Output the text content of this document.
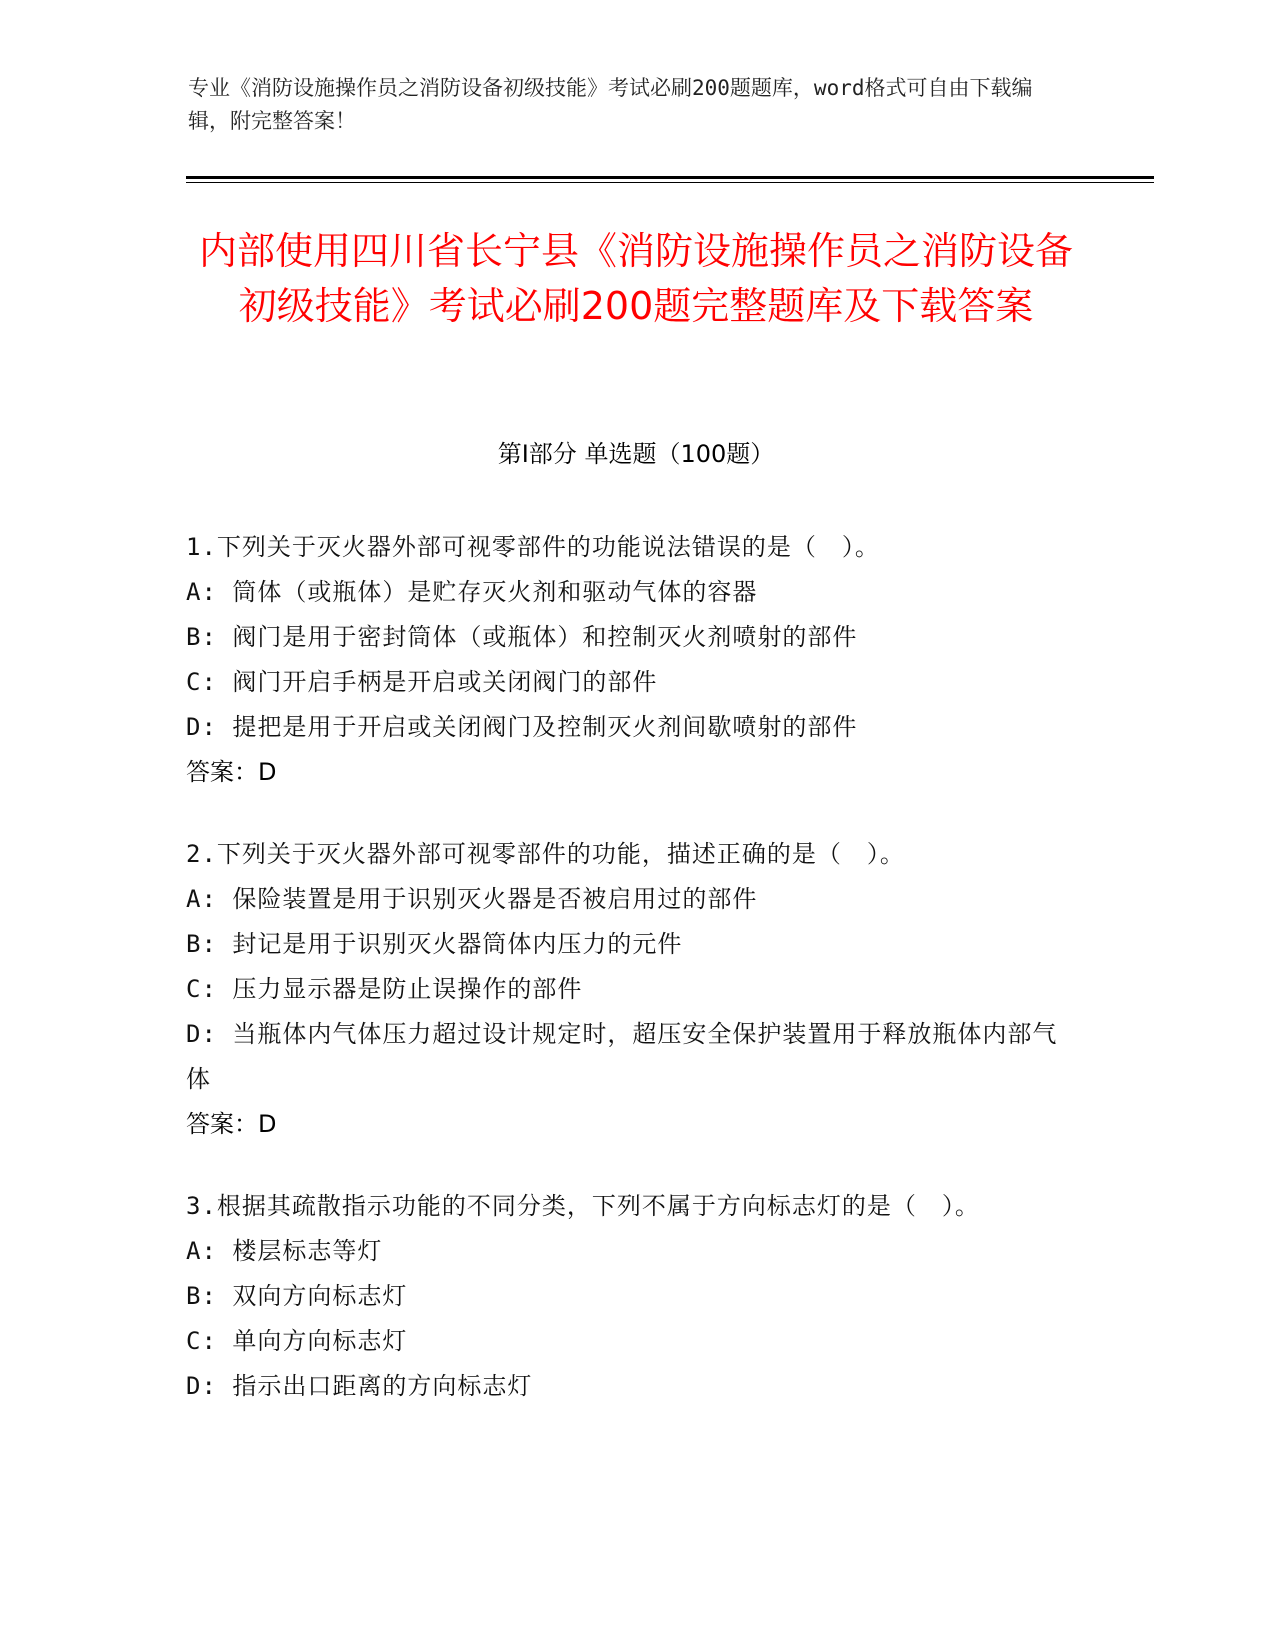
专业《消防设施操作员之消防设备初级技能》考试必刷200题题库，word格式可自由下载编辑，附完整答案！
内部使用四川省长宁县《消防设施操作员之消防设备初级技能》考试必刷200题完整题库及下载答案
第I部分 单选题（100题）

1.下列关于灭火器外部可视零部件的功能说法错误的是（　）。

A: 筒体（或瓶体）是贮存灭火剂和驱动气体的容器

B: 阀门是用于密封筒体（或瓶体）和控制灭火剂喷射的部件

C: 阀门开启手柄是开启或关闭阀门的部件

D: 提把是用于开启或关闭阀门及控制灭火剂间歇喷射的部件

答案：D

2.下列关于灭火器外部可视零部件的功能，描述正确的是（　）。

A: 保险装置是用于识别灭火器是否被启用过的部件

B: 封记是用于识别灭火器筒体内压力的元件

C: 压力显示器是防止误操作的部件

D: 当瓶体内气体压力超过设计规定时，超压安全保护装置用于释放瓶体内部气体

答案：D

3.根据其疏散指示功能的不同分类，下列不属于方向标志灯的是（　）。

A: 楼层标志等灯

B: 双向方向标志灯

C: 单向方向标志灯

D: 指示出口距离的方向标志灯
